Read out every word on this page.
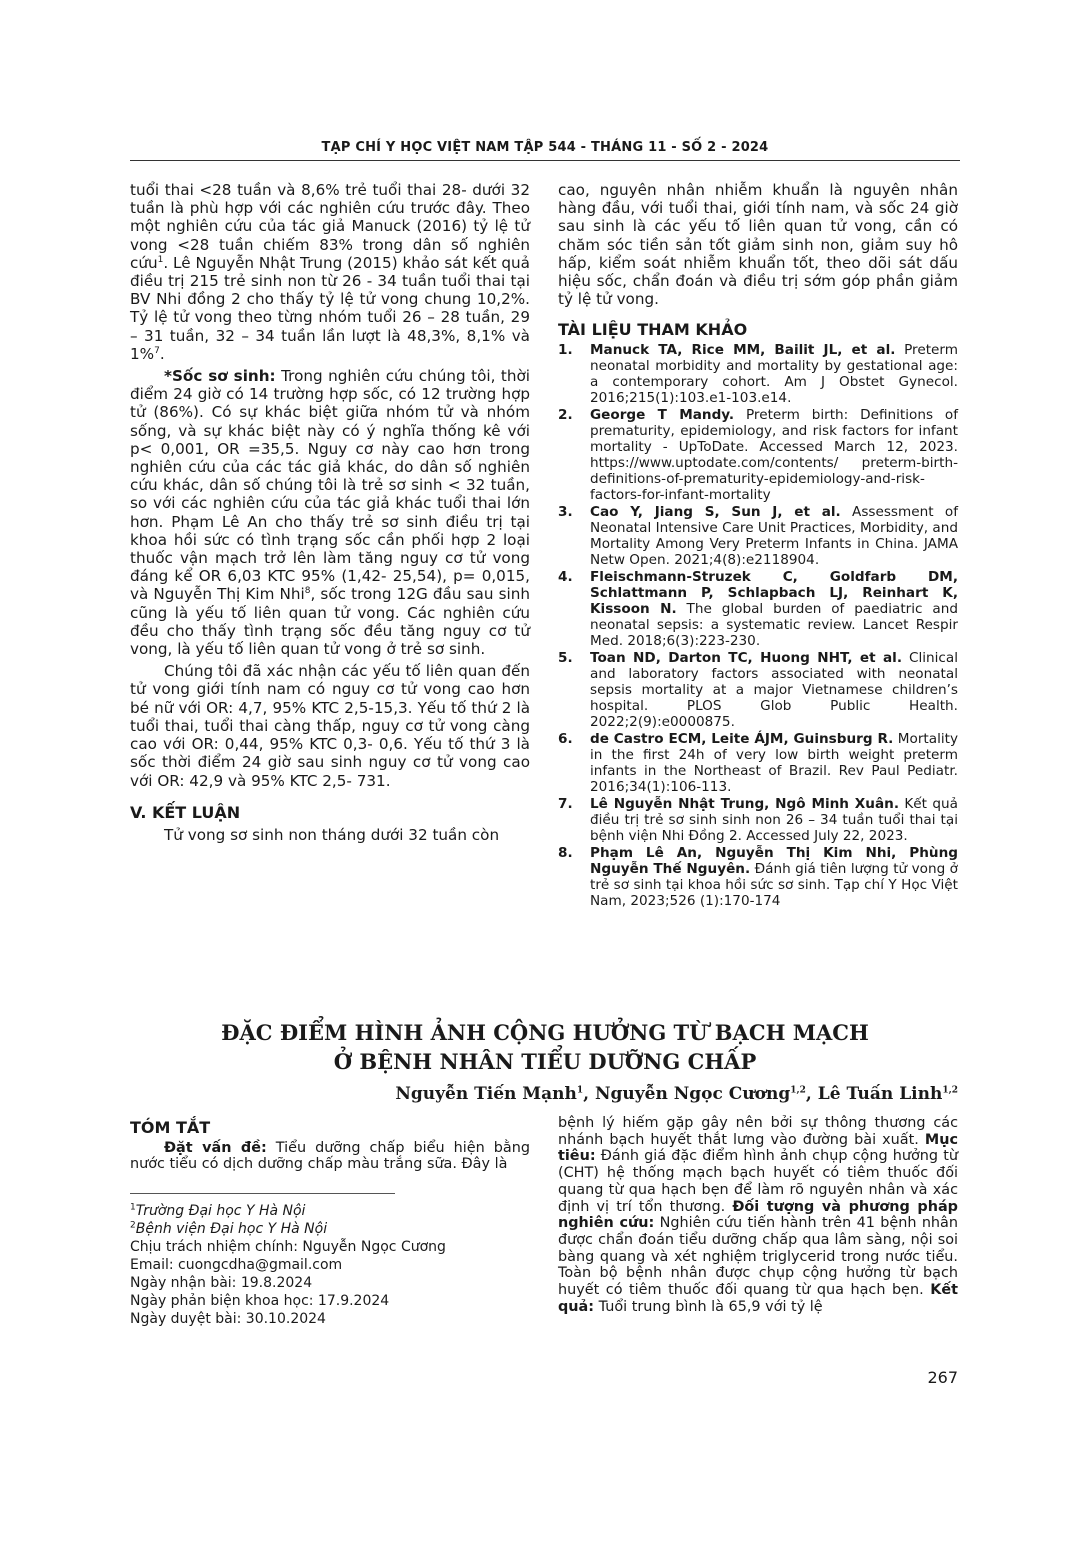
TẠP CHÍ Y HỌC VIỆT NAM TẬP 544 - THÁNG 11 - SỐ 2 - 2024

tuổi thai <28 tuần và 8,6% trẻ tuổi thai 28- dưới 32 tuần là phù hợp với các nghiên cứu trước đây. Theo một nghiên cứu của tác giả Manuck (2016) tỷ lệ tử vong <28 tuần chiếm 83% trong dân số nghiên cứu$^1$. Lê Nguyễn Nhật Trung (2015) khảo sát kết quả điều trị 215 trẻ sinh non từ 26 - 34 tuần tuổi thai tại BV Nhi đồng 2 cho thấy tỷ lệ tử vong chung 10,2%. Tỷ lệ tử vong theo từng nhóm tuổi 26 – 28 tuần, 29 – 31 tuần, 32 – 34 tuần lần lượt là 48,3%, 8,1% và 1%$^7$.

*Sốc sơ sinh: Trong nghiên cứu chúng tôi, thời điểm 24 giờ có 14 trường hợp sốc, có 12 trường hợp tử (86%). Có sự khác biệt giữa nhóm tử và nhóm sống, và sự khác biệt này có ý nghĩa thống kê với p< 0,001, OR =35,5. Nguy cơ này cao hơn trong nghiên cứu của các tác giả khác, do dân số nghiên cứu khác, dân số chúng tôi là trẻ sơ sinh < 32 tuần, so với các nghiên cứu của tác giả khác tuổi thai lớn hơn. Phạm Lê An cho thấy trẻ sơ sinh điều trị tại khoa hồi sức có tình trạng sốc cần phối hợp 2 loại thuốc vận mạch trở lên làm tăng nguy cơ tử vong đáng kể OR 6,03 KTC 95% (1,42- 25,54), p= 0,015, và Nguyễn Thị Kim Nhi$^8$, sốc trong 12G đầu sau sinh cũng là yếu tố liên quan tử vong. Các nghiên cứu đều cho thấy tình trạng sốc đều tăng nguy cơ tử vong, là yếu tố liên quan tử vong ở trẻ sơ sinh.

Chúng tôi đã xác nhận các yếu tố liên quan đến tử vong giới tính nam có nguy cơ tử vong cao hơn bé nữ với OR: 4,7, 95% KTC 2,5-15,3. Yếu tố thứ 2 là tuổi thai, tuổi thai càng thấp, nguy cơ tử vong càng cao với OR: 0,44, 95% KTC 0,3- 0,6. Yếu tố thứ 3 là sốc thời điểm 24 giờ sau sinh nguy cơ tử vong cao với OR: 42,9 và 95% KTC 2,5- 731.

V. KẾT LUẬN

Tử vong sơ sinh non tháng dưới 32 tuần còn

cao, nguyên nhân nhiễm khuẩn là nguyên nhân hàng đầu, với tuổi thai, giới tính nam, và sốc 24 giờ sau sinh là các yếu tố liên quan tử vong, cần có chăm sóc tiền sản tốt giảm sinh non, giảm suy hô hấp, kiểm soát nhiễm khuẩn tốt, theo dõi sát dấu hiệu sốc, chẩn đoán và điều trị sớm góp phần giảm tỷ lệ tử vong.

TÀI LIỆU THAM KHẢO
1.	Manuck TA, Rice MM, Bailit JL, et al. Preterm neonatal morbidity and mortality by gestational age: a contemporary cohort. Am J Obstet Gynecol. 2016;215(1):103.e1-103.e14.
2.	George T Mandy. Preterm birth: Definitions of prematurity, epidemiology, and risk factors for infant mortality - UpToDate. Accessed March 12, 2023. https://www.uptodate.com/contents/ preterm-birth-definitions-of-prematurity-epidemiology-and-risk-factors-for-infant-mortality
3.	Cao Y, Jiang S, Sun J, et al. Assessment of Neonatal Intensive Care Unit Practices, Morbidity, and Mortality Among Very Preterm Infants in China. JAMA Netw Open. 2021;4(8):e2118904.
4.	Fleischmann-Struzek C, Goldfarb DM, Schlattmann P, Schlapbach LJ, Reinhart K, Kissoon N. The global burden of paediatric and neonatal sepsis: a systematic review. Lancet Respir Med. 2018;6(3):223-230.
5.	Toan ND, Darton TC, Huong NHT, et al. Clinical and laboratory factors associated with neonatal sepsis mortality at a major Vietnamese children’s hospital. PLOS Glob Public Health. 2022;2(9):e0000875.
6.	de Castro ECM, Leite ÁJM, Guinsburg R. Mortality in the first 24h of very low birth weight preterm infants in the Northeast of Brazil. Rev Paul Pediatr. 2016;34(1):106-113.
7.	Lê Nguyễn Nhật Trung, Ngô Minh Xuân. Kết quả điều trị trẻ sơ sinh sinh non 26 – 34 tuần tuổi thai tại bệnh viện Nhi Đồng 2. Accessed July 22, 2023.
8.	Phạm Lê An, Nguyễn Thị Kim Nhi, Phùng Nguyễn Thế Nguyên. Đánh giá tiên lượng tử vong ở trẻ sơ sinh tại khoa hồi sức sơ sinh. Tạp chí Y Học Việt Nam, 2023;526 (1):170-174
ĐẶC ĐIỂM HÌNH ẢNH CỘNG HƯỞNG TỪ BẠCH MẠCH
Ở BỆNH NHÂN TIỂU DƯỠNG CHẤP
Nguyễn Tiến Mạnh$^1$, Nguyễn Ngọc Cương$^{1,2}$, Lê Tuấn Linh$^{1,2}$
TÓM TẮT

Đặt vấn đề: Tiểu dưỡng chấp biểu hiện bằng nước tiểu có dịch dưỡng chấp màu trắng sữa. Đây là

$^1$Trường Đại học Y Hà Nội
$^2$Bệnh viện Đại học Y Hà Nội
Chịu trách nhiệm chính: Nguyễn Ngọc Cương
Email: cuongcdha@gmail.com
Ngày nhận bài: 19.8.2024
Ngày phản biện khoa học: 17.9.2024
Ngày duyệt bài: 30.10.2024

bệnh lý hiếm gặp gây nên bởi sự thông thương các nhánh bạch huyết thắt lưng vào đường bài xuất. Mục tiêu: Đánh giá đặc điểm hình ảnh chụp cộng hưởng từ (CHT) hệ thống mạch bạch huyết có tiêm thuốc đối quang từ qua hạch bẹn để làm rõ nguyên nhân và xác định vị trí tổn thương. Đối tượng và phương pháp nghiên cứu: Nghiên cứu tiến hành trên 41 bệnh nhân được chẩn đoán tiểu dưỡng chấp qua lâm sàng, nội soi bàng quang và xét nghiệm triglycerid trong nước tiểu. Toàn bộ bệnh nhân được chụp cộng hưởng từ bạch huyết có tiêm thuốc đối quang từ qua hạch bẹn. Kết quả: Tuổi trung bình là 65,9 với tỷ lệ

267
